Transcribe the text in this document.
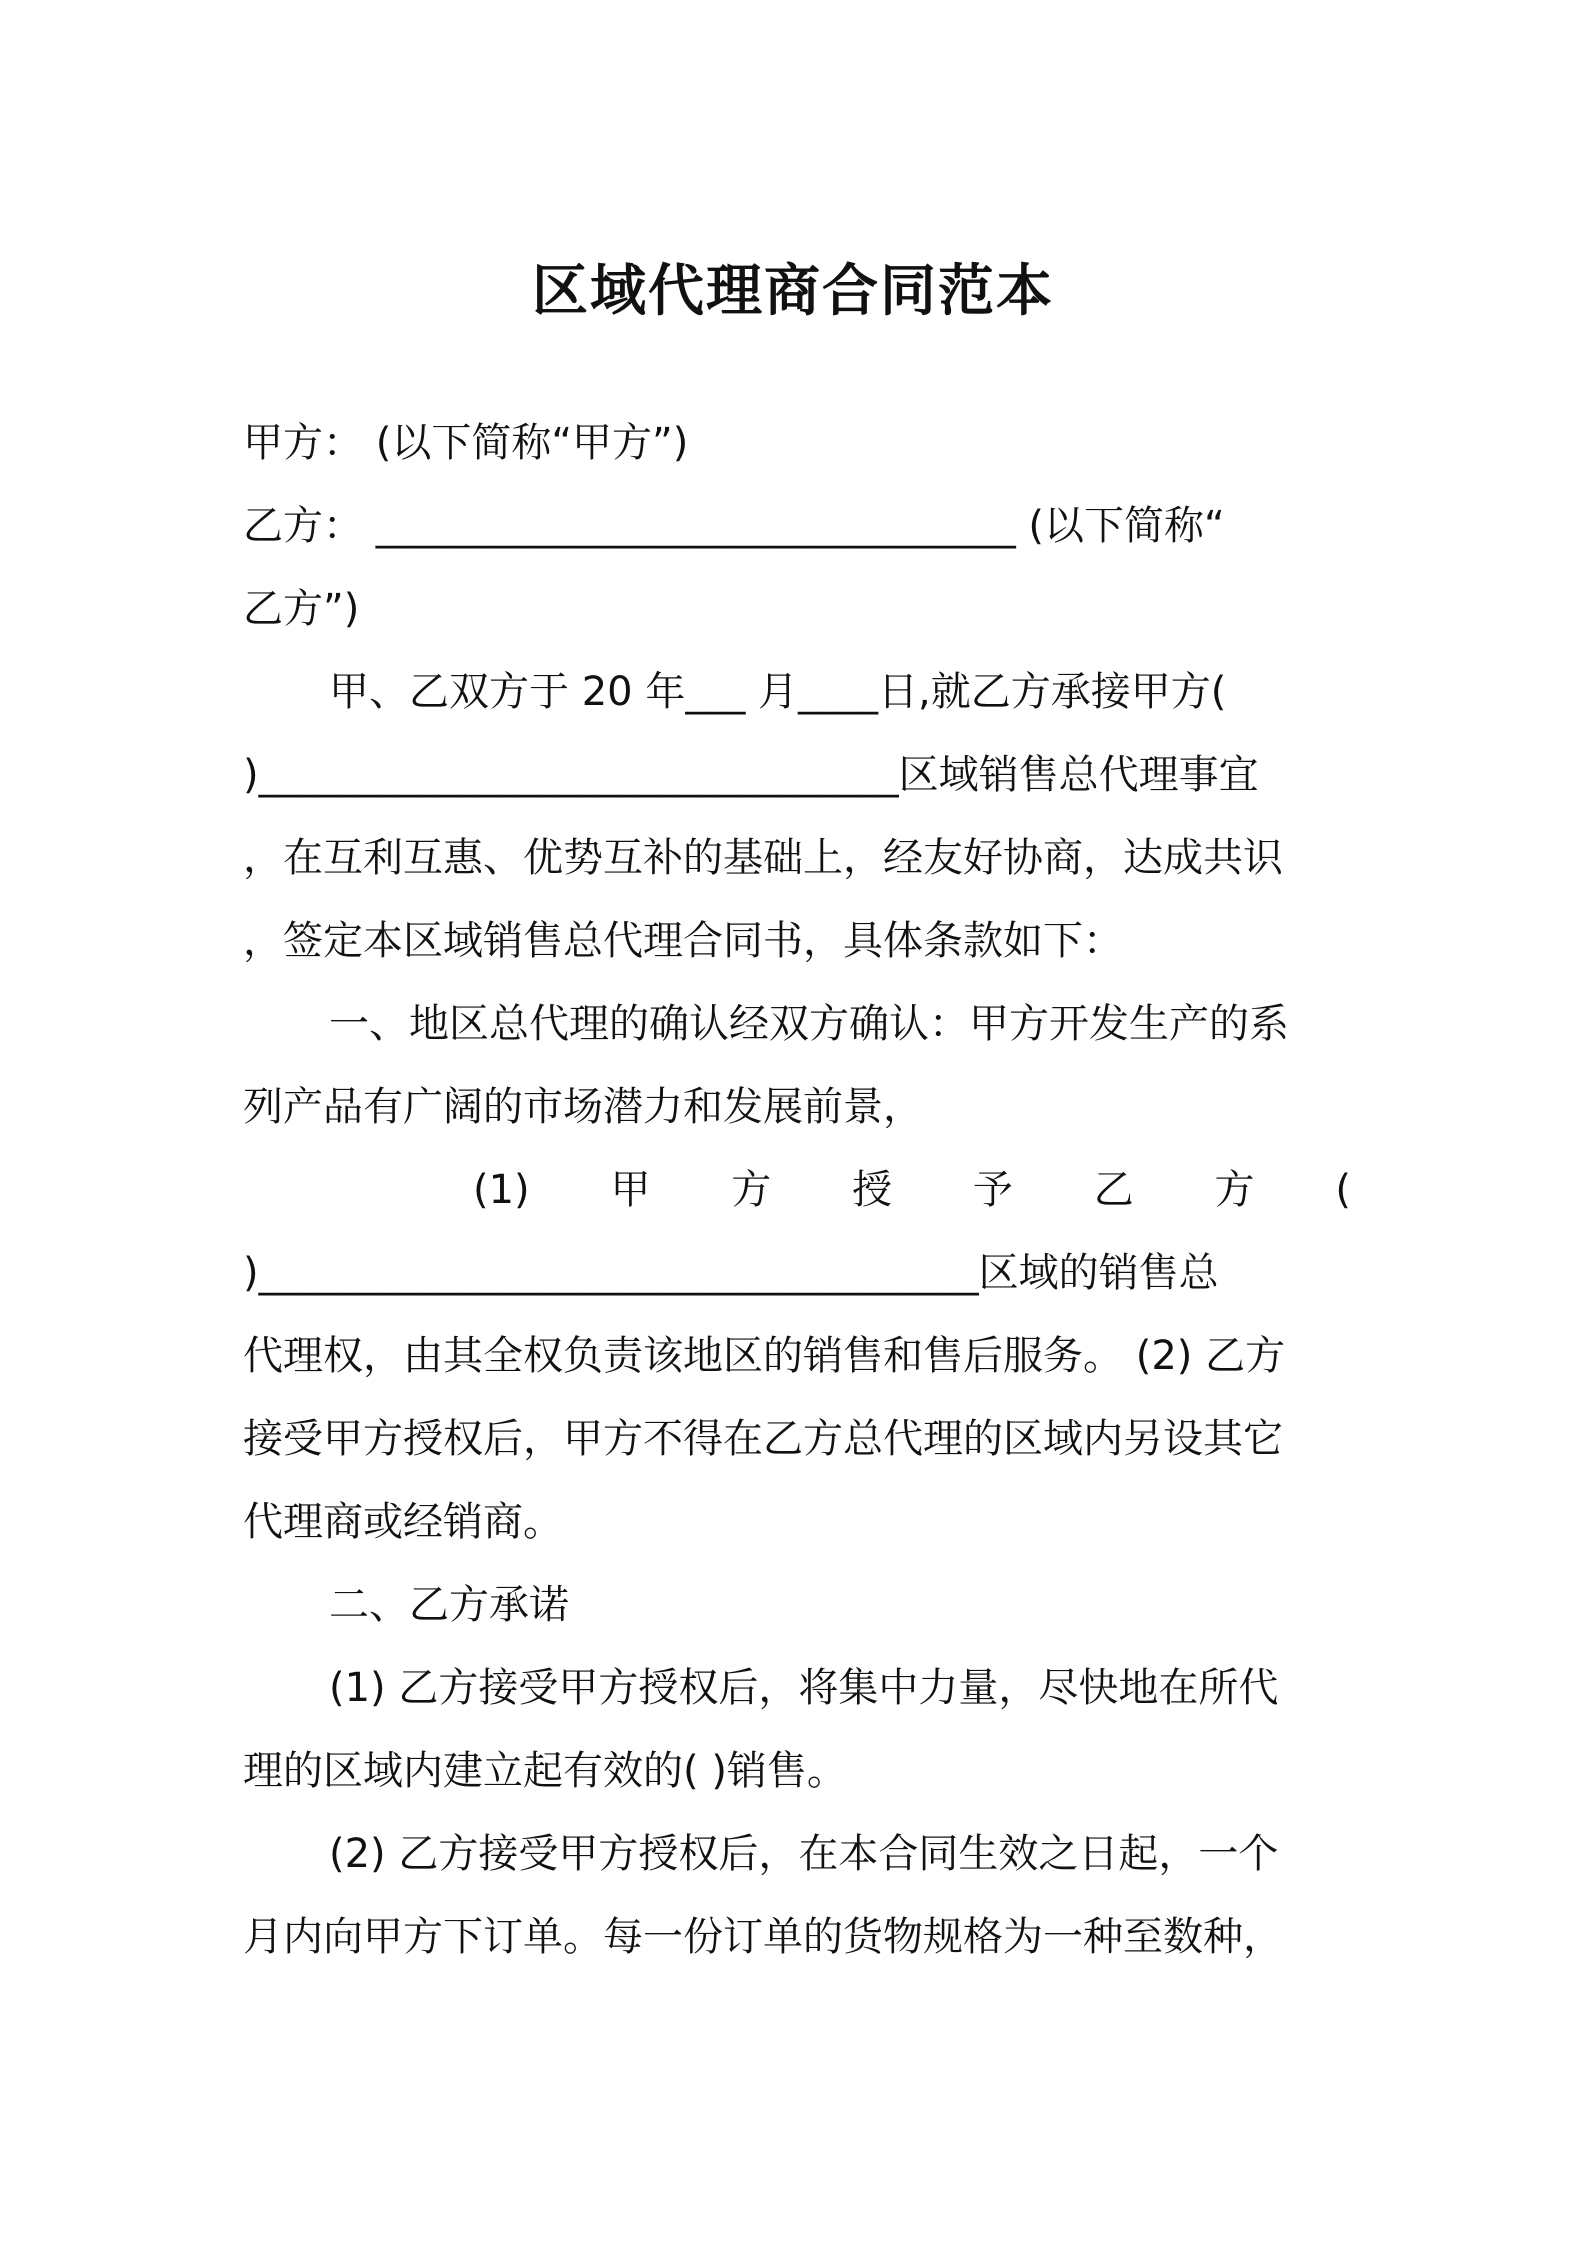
区域代理商合同范本
甲方： (以下简称“甲方”)
乙方： ________________________________ (以下简称“
乙方”)
甲、乙双方于 20 年___ 月____日,就乙方承接甲方(
)________________________________区域销售总代理事宜
，在互利互惠、优势互补的基础上，经友好协商，达成共识
，签定本区域销售总代理合同书，具体条款如下：
一、地区总代理的确认经双方确认：甲方开发生产的系
列产品有广阔的市场潜力和发展前景，
(1) 甲 方 授 予 乙 方 (
)____________________________________区域的销售总
代理权，由其全权负责该地区的销售和售后服务。 (2) 乙方
接受甲方授权后，甲方不得在乙方总代理的区域内另设其它
代理商或经销商。
二、乙方承诺
(1) 乙方接受甲方授权后，将集中力量，尽快地在所代
理的区域内建立起有效的( )销售。
(2) 乙方接受甲方授权后，在本合同生效之日起，一个
月内向甲方下订单。每一份订单的货物规格为一种至数种，
